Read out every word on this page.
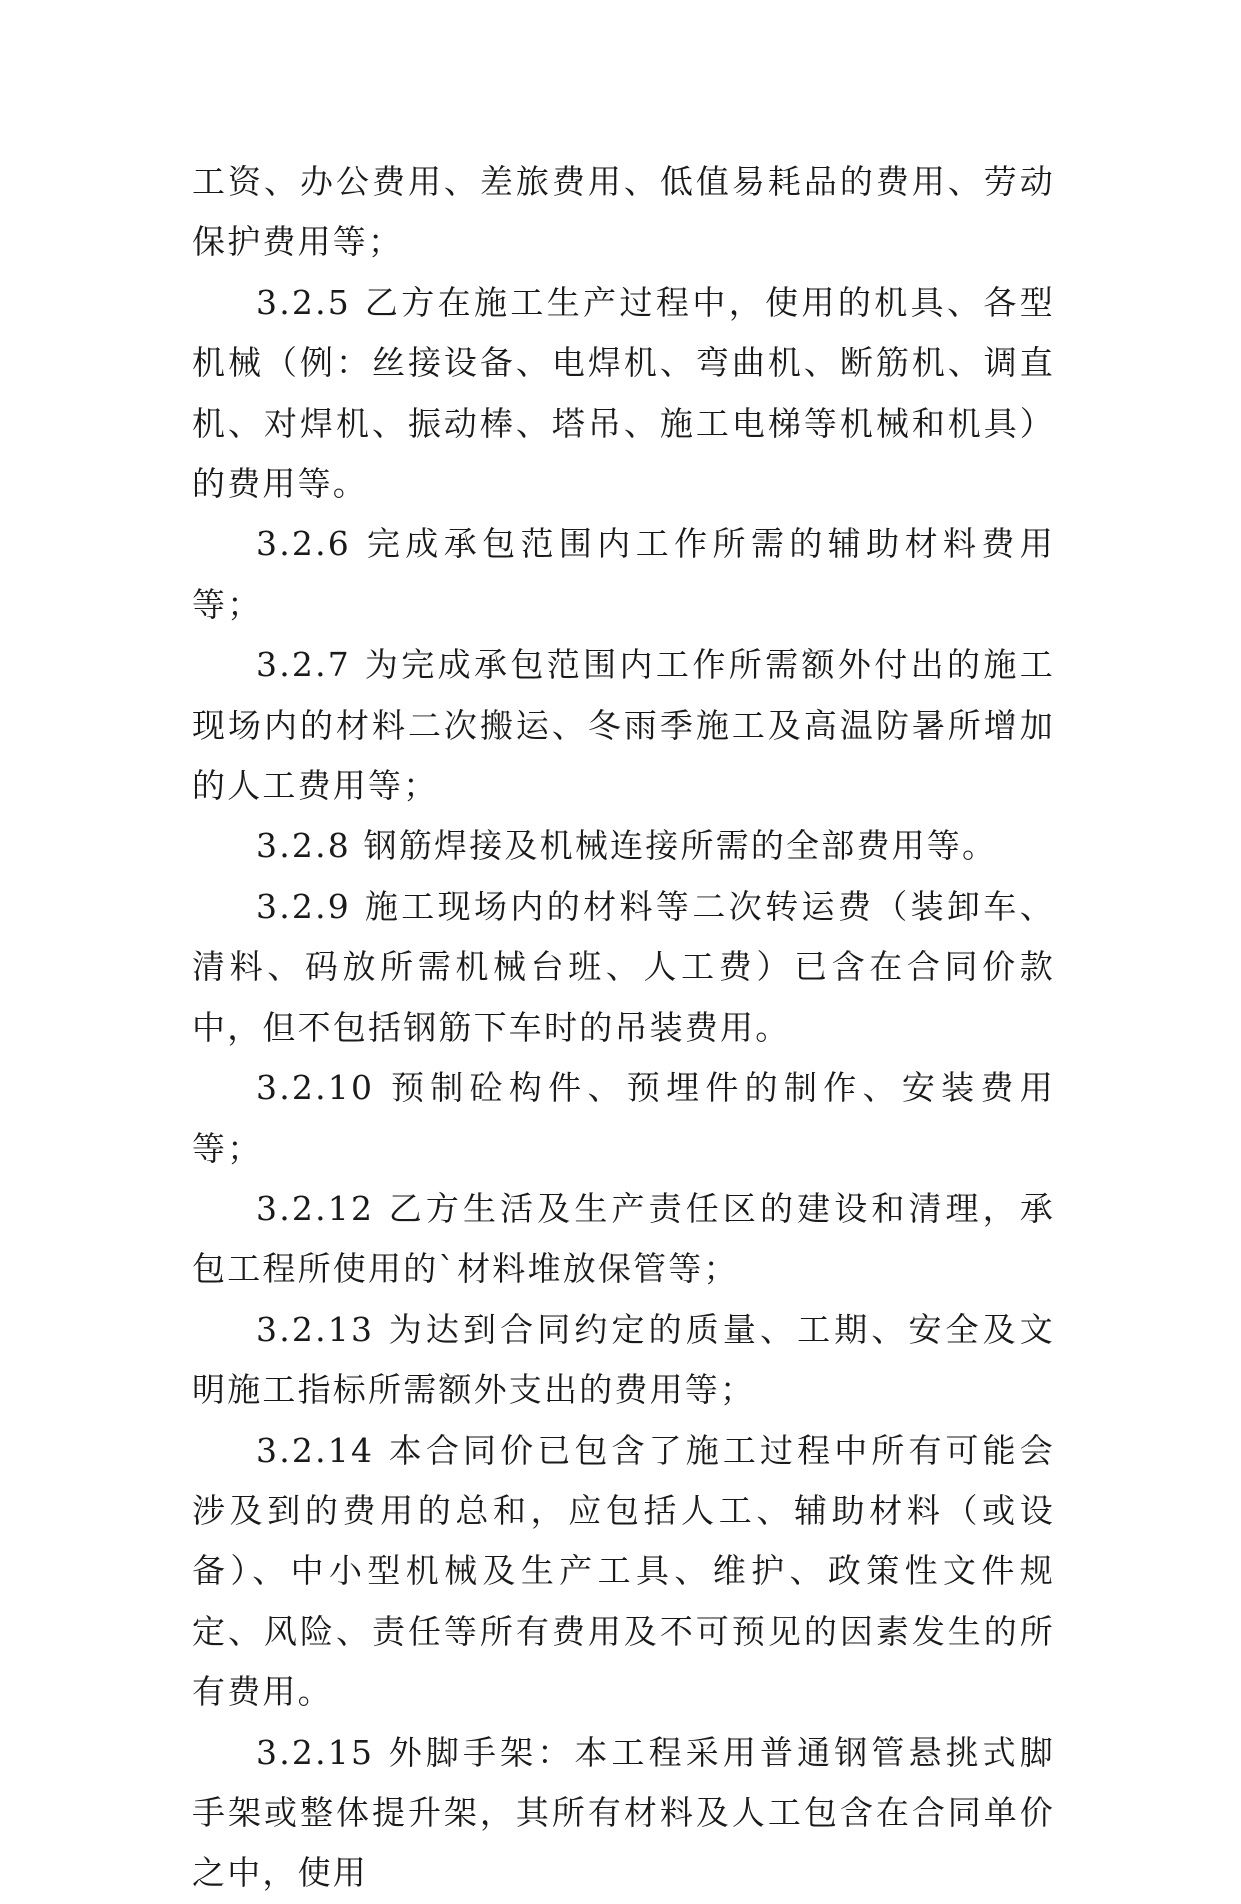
工资、办公费用、差旅费用、低值易耗品的费用、劳动保护费用等；

3.2.5 乙方在施工生产过程中，使用的机具、各型机械（例：丝接设备、电焊机、弯曲机、断筋机、调直机、对焊机、振动棒、塔吊、施工电梯等机械和机具）的费用等。

3.2.6 完成承包范围内工作所需的辅助材料费用等；

3.2.7 为完成承包范围内工作所需额外付出的施工现场内的材料二次搬运、冬雨季施工及高温防暑所增加的人工费用等；

3.2.8 钢筋焊接及机械连接所需的全部费用等。

3.2.9 施工现场内的材料等二次转运费（装卸车、清料、码放所需机械台班、人工费）已含在合同价款中，但不包括钢筋下车时的吊装费用。

3.2.10 预制砼构件、预埋件的制作、安装费用等；

3.2.12 乙方生活及生产责任区的建设和清理，承包工程所使用的`材料堆放保管等；

3.2.13 为达到合同约定的质量、工期、安全及文明施工指标所需额外支出的费用等；

3.2.14 本合同价已包含了施工过程中所有可能会涉及到的费用的总和，应包括人工、辅助材料（或设备）、中小型机械及生产工具、维护、政策性文件规定、风险、责任等所有费用及不可预见的因素发生的所有费用。

3.2.15 外脚手架：本工程采用普通钢管悬挑式脚手架或整体提升架，其所有材料及人工包含在合同单价之中，使用
